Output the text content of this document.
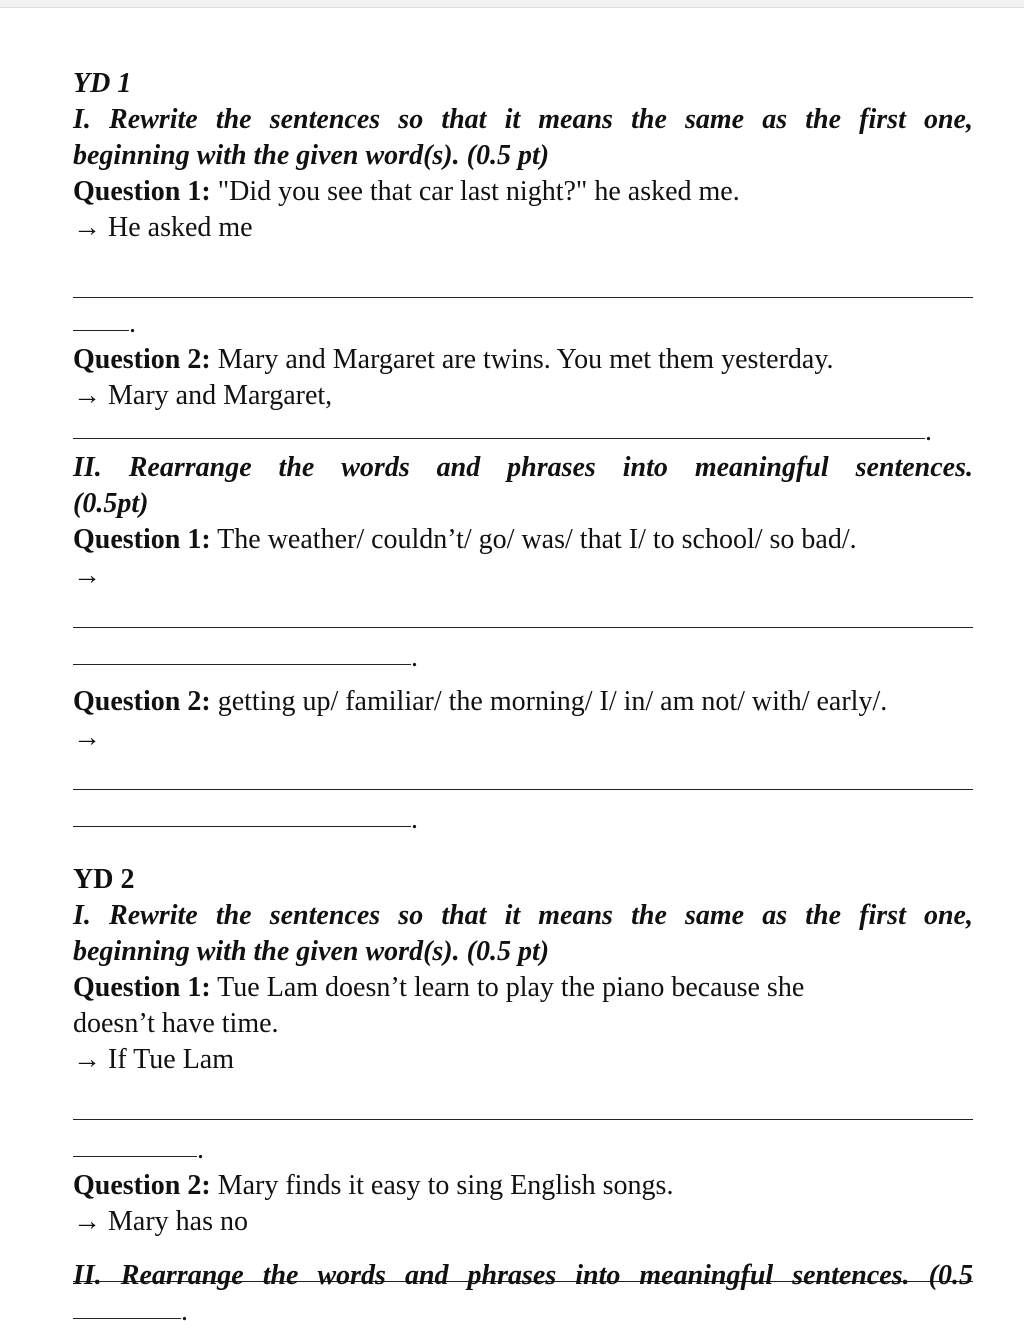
YD 1
I. Rewrite the sentences so that it means the same as the first one,
beginning with the given word(s). (0.5 pt)
Question 1: "Did you see that car last night?" he asked me.
→ He asked me
.
Question 2: Mary and Margaret are twins. You met them yesterday.
→ Mary and Margaret,
.
II. Rearrange the words and phrases into meaningful sentences.
(0.5pt)
Question 1: The weather/ couldn’t/ go/ was/ that I/ to school/ so bad/.
→
.
Question 2: getting up/ familiar/ the morning/ I/ in/ am not/ with/ early/.
→
.
YD 2
I. Rewrite the sentences so that it means the same as the first one,
beginning with the given word(s). (0.5 pt)
Question 1: Tue Lam doesn’t learn to play the piano because she
doesn’t have time.
→ If Tue Lam
.
Question 2: Mary finds it easy to sing English songs.
→ Mary has no
.
II. Rearrange the words and phrases into meaningful sentences. (0.5
